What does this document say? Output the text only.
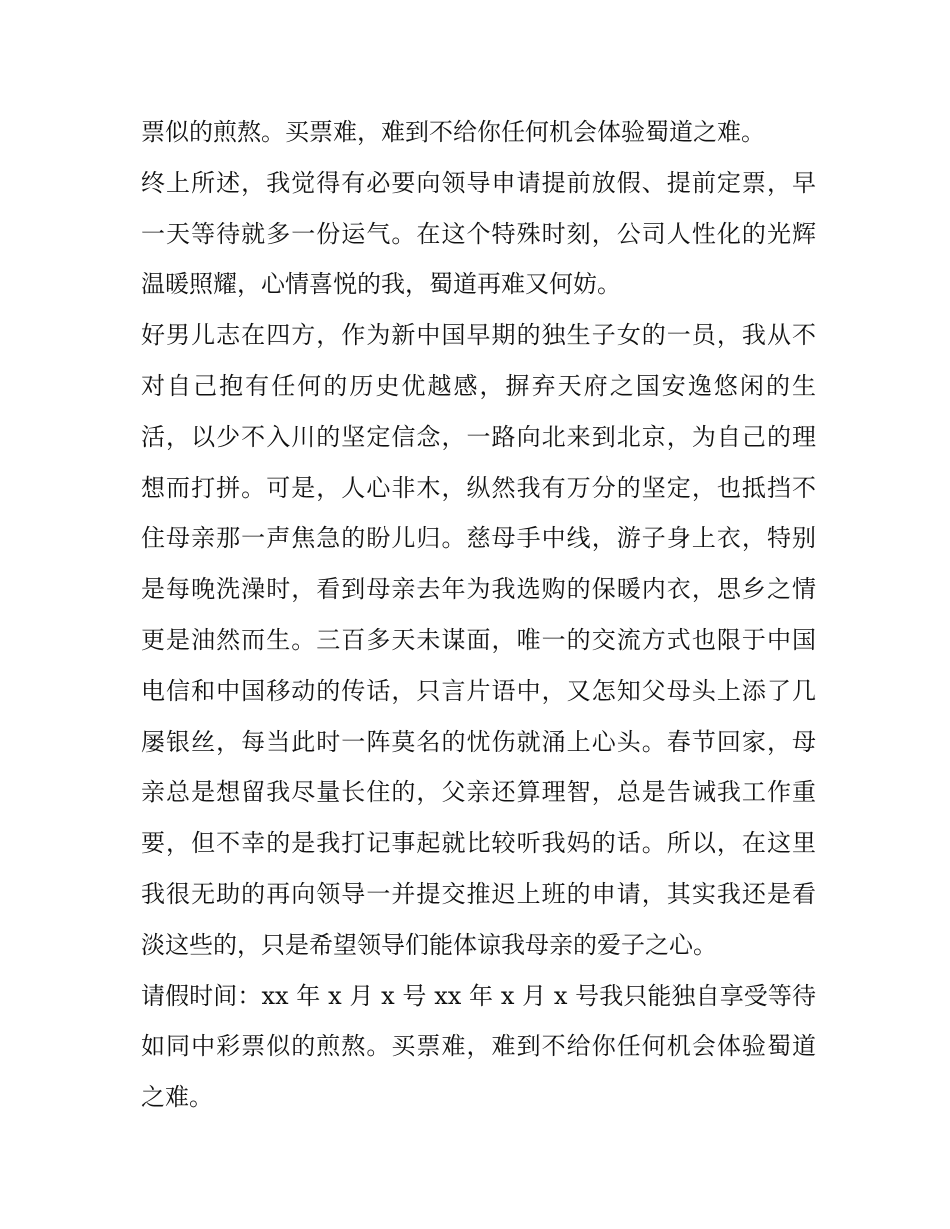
票似的煎熬。买票难，难到不给你任何机会体验蜀道之难。
终上所述，我觉得有必要向领导申请提前放假、提前定票，早
一天等待就多一份运气。在这个特殊时刻，公司人性化的光辉
温暖照耀，心情喜悦的我，蜀道再难又何妨。
好男儿志在四方，作为新中国早期的独生子女的一员，我从不
对自己抱有任何的历史优越感，摒弃天府之国安逸悠闲的生
活，以少不入川的坚定信念，一路向北来到北京，为自己的理
想而打拼。可是，人心非木，纵然我有万分的坚定，也抵挡不
住母亲那一声焦急的盼儿归。慈母手中线，游子身上衣，特别
是每晚洗澡时，看到母亲去年为我选购的保暖内衣，思乡之情
更是油然而生。三百多天未谋面，唯一的交流方式也限于中国
电信和中国移动的传话，只言片语中，又怎知父母头上添了几
屡银丝，每当此时一阵莫名的忧伤就涌上心头。春节回家，母
亲总是想留我尽量长住的，父亲还算理智，总是告诫我工作重
要，但不幸的是我打记事起就比较听我妈的话。所以，在这里
我很无助的再向领导一并提交推迟上班的申请，其实我还是看
淡这些的，只是希望领导们能体谅我母亲的爱子之心。
请假时间：xx 年 x 月 x 号 xx 年 x 月 x 号我只能独自享受等待
如同中彩票似的煎熬。买票难，难到不给你任何机会体验蜀道
之难。
